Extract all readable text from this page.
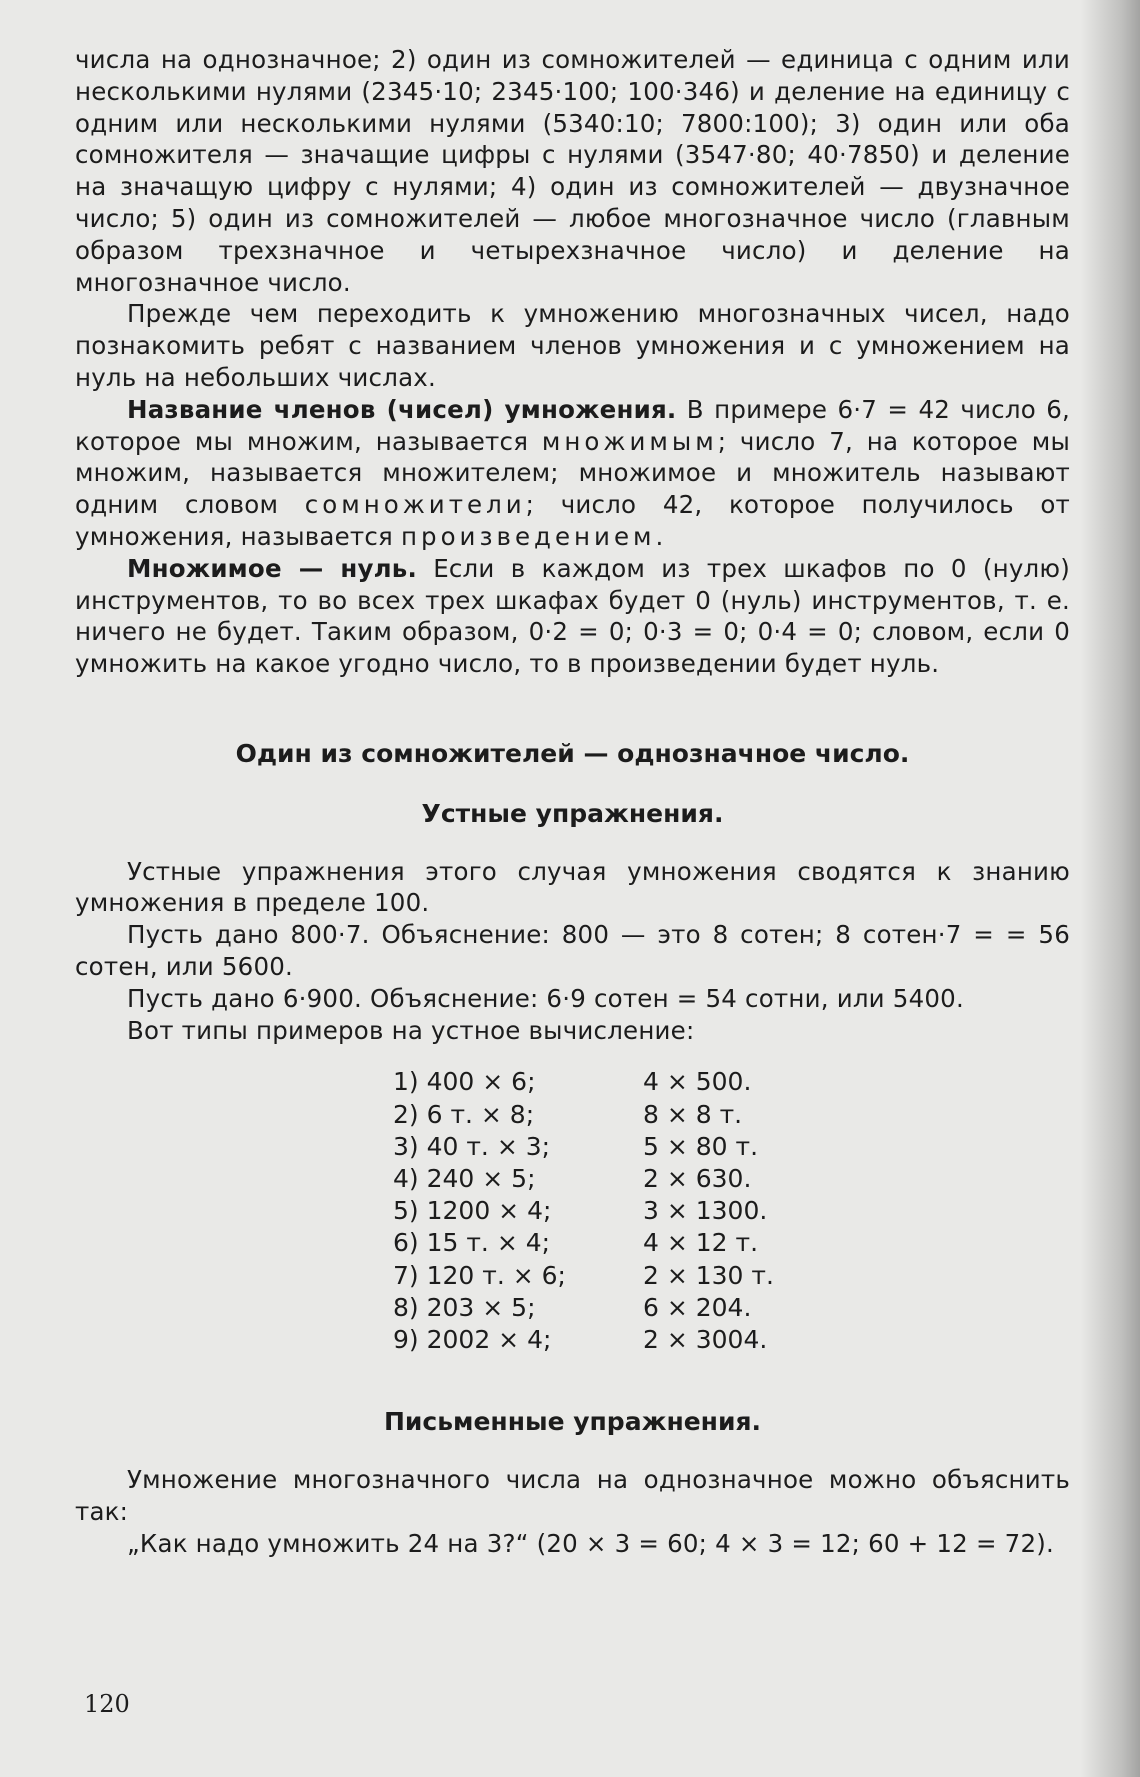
числа на однозначное; 2) один из сомножителей — единица с одним или несколькими нулями (2345·10; 2345·100; 100·346) и деление на единицу с одним или несколькими нулями (5340:10; 7800:100); 3) один или оба сомножителя — значащие цифры с нулями (3547·80; 40·7850) и деление на значащую цифру с нулями; 4) один из сомножителей — двузначное число; 5) один из сомножителей — любое многозначное число (главным образом трехзначное и четырехзначное число) и деление на многозначное число.

Прежде чем переходить к умножению многозначных чисел, надо познакомить ребят с названием членов умножения и с умножением на нуль на небольших числах.

Название членов (чисел) умножения. В примере 6·7 = 42 число 6, которое мы множим, называется множимым; число 7, на которое мы множим, называется множителем; множимое и множитель называют одним словом сомножители; число 42, которое получилось от умножения, называется произведением.

Множимое — нуль. Если в каждом из трех шкафов по 0 (нулю) инструментов, то во всех трех шкафах будет 0 (нуль) инструментов, т. е. ничего не будет. Таким образом, 0·2 = 0; 0·3 = 0; 0·4 = 0; словом, если 0 умножить на какое угодно число, то в произведении будет нуль.

Один из сомножителей — однозначное число.
Устные упражнения.

Устные упражнения этого случая умножения сводятся к знанию умножения в пределе 100.

Пусть дано 800·7. Объяснение: 800 — это 8 сотен; 8 сотен·7 = = 56 сотен, или 5600.

Пусть дано 6·900. Объяснение: 6·9 сотен = 54 сотни, или 5400.

Вот типы примеров на устное вычисление:

1) 400 × 6;	4 × 500.
2) 6 т. × 8;	8 × 8 т.
3) 40 т. × 3;	5 × 80 т.
4) 240 × 5;	2 × 630.
5) 1200 × 4;	3 × 1300.
6) 15 т. × 4;	4 × 12 т.
7) 120 т. × 6;	2 × 130 т.
8) 203 × 5;	6 × 204.
9) 2002 × 4;	2 × 3004.
Письменные упражнения.

Умножение многозначного числа на однозначное можно объяснить так:

„Как надо умножить 24 на 3?“ (20 × 3 = 60; 4 × 3 = 12; 60 + 12 = 72).

120
